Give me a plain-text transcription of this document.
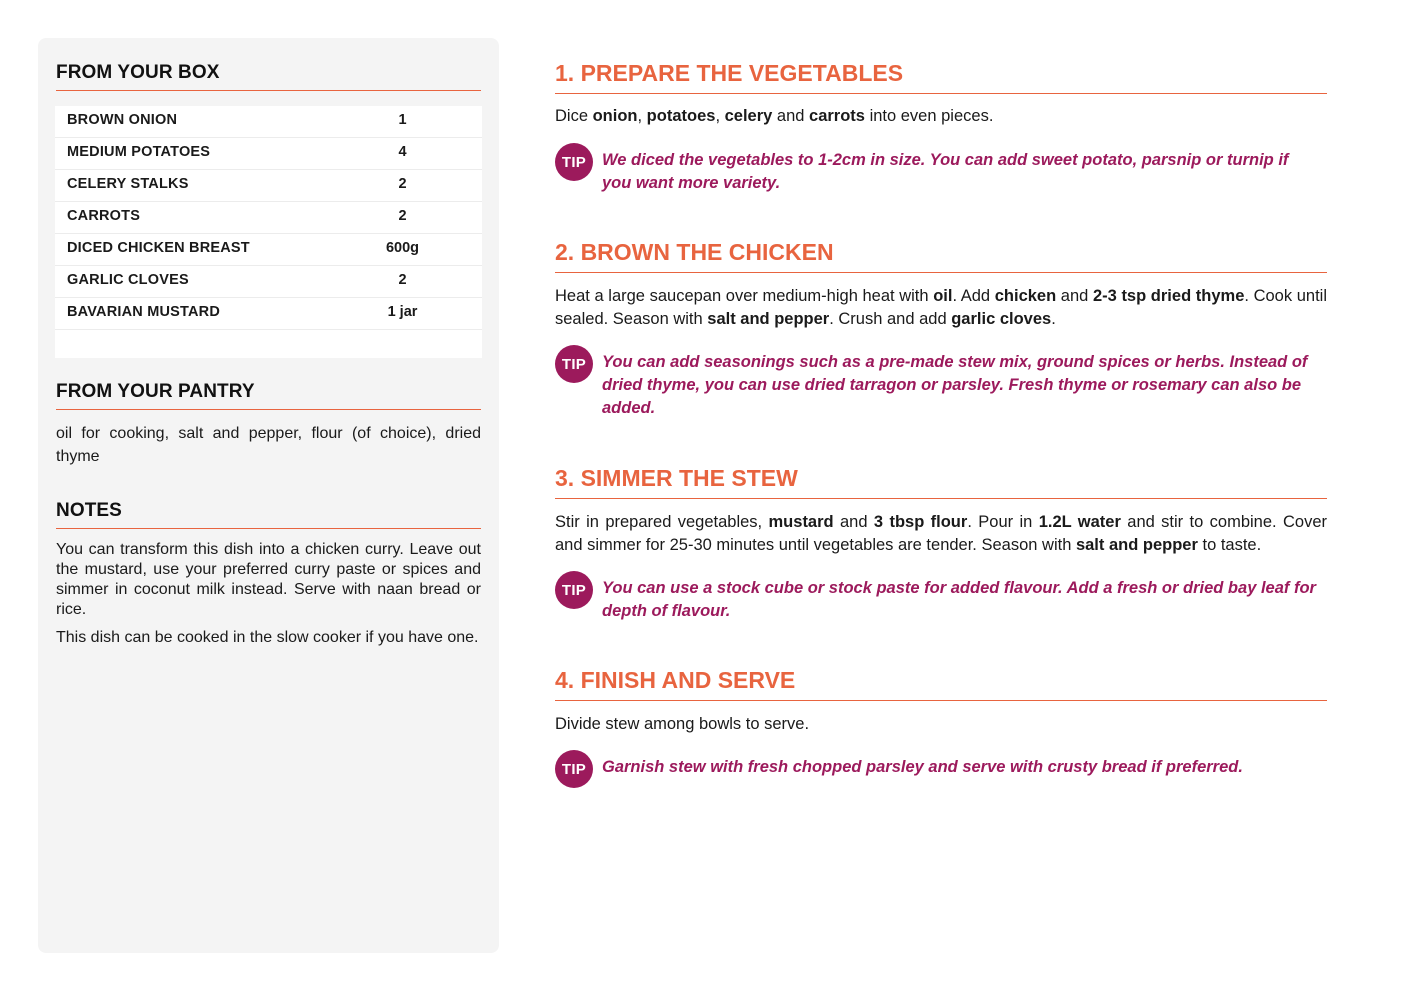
FROM YOUR BOX
BROWN ONION	1
MEDIUM POTATOES	4
CELERY STALKS	2
CARROTS	2
DICED CHICKEN BREAST	600g
GARLIC CLOVES	2
BAVARIAN MUSTARD	1 jar
FROM YOUR PANTRY

oil for cooking, salt and pepper, flour (of choice), dried thyme

NOTES

You can transform this dish into a chicken curry. Leave out the mustard, use your preferred curry paste or spices and simmer in coconut milk instead. Serve with naan bread or rice.

This dish can be cooked in the slow cooker if you have one.

1. PREPARE THE VEGETABLES

Dice onion, potatoes, celery and carrots into even pieces.

TIP We diced the vegetables to 1-2cm in size. You can add sweet potato, parsnip or turnip if you want more variety.

2. BROWN THE CHICKEN

Heat a large saucepan over medium-high heat with oil. Add chicken and 2-3 tsp dried thyme. Cook until sealed. Season with salt and pepper. Crush and add garlic cloves.

TIP You can add seasonings such as a pre-made stew mix, ground spices or herbs. Instead of dried thyme, you can use dried tarragon or parsley. Fresh thyme or rosemary can also be added.

3. SIMMER THE STEW

Stir in prepared vegetables, mustard and 3 tbsp flour. Pour in 1.2L water and stir to combine. Cover and simmer for 25-30 minutes until vegetables are tender. Season with salt and pepper to taste.

TIP You can use a stock cube or stock paste for added flavour. Add a fresh or dried bay leaf for depth of flavour.

4. FINISH AND SERVE

Divide stew among bowls to serve.

TIP Garnish stew with fresh chopped parsley and serve with crusty bread if preferred.
